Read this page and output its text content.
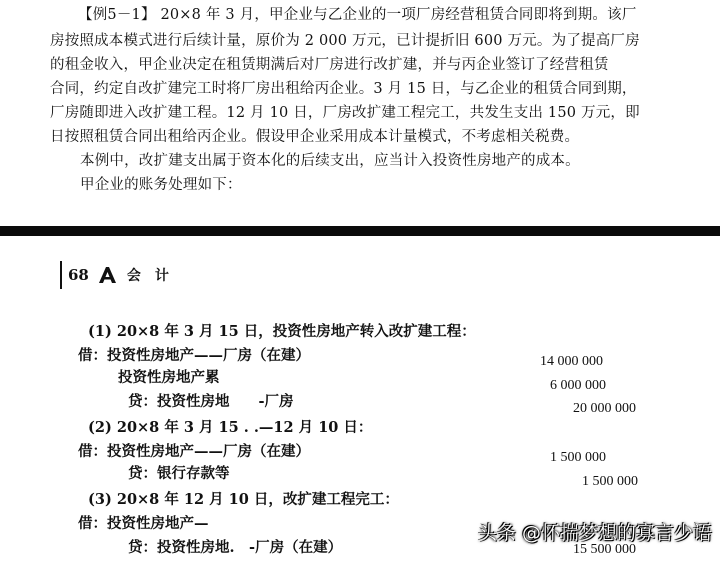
【例5－1】 20×8 年 3 月，甲企业与乙企业的一项厂房经营租赁合同即将到期。该厂
房按照成本模式进行后续计量，原价为 2 000 万元，已计提折旧 600 万元。为了提高厂房
的租金收入，甲企业决定在租赁期满后对厂房进行改扩建，并与丙企业签订了经营租赁
合同，约定自改扩建完工时将厂房出租给丙企业。3 月 15 日，与乙企业的租赁合同到期，
厂房随即进入改扩建工程。12 月 10 日，厂房改扩建工程完工，共发生支出 150 万元，即
日按照租赁合同出租给丙企业。假设甲企业采用成本计量模式，不考虑相关税费。
本例中，改扩建支出属于资本化的后续支出，应当计入投资性房地产的成本。
甲企业的账务处理如下：
68	会计
(1) 20×8 年 3 月 15 日，投资性房地产转入改扩建工程：
借：投资性房地产——厂房（在建）	14 000 000
投资性房地产累	6 000 000
贷：投资性房地　　-厂房	20 000 000
(2) 20×8 年 3 月 15 . .—12 月 10 日：
借：投资性房地产——厂房（在建）	1 500 000
贷：银行存款等	1 500 000
(3) 20×8 年 12 月 10 日，改扩建工程完工：
借：投资性房地产—
贷：投资性房地.　-厂房（在建）	15 500 000
头条 @怀揣梦想的寡言少语
